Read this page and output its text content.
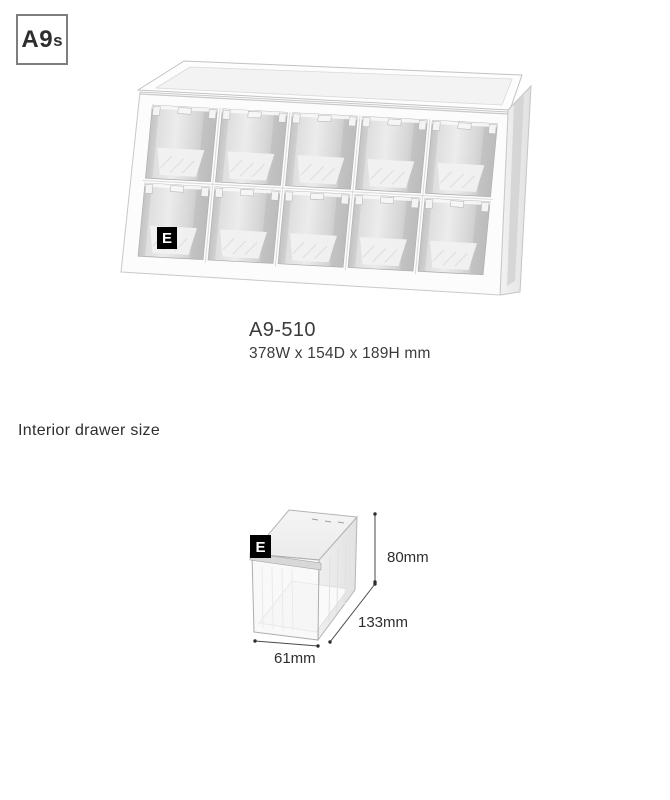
A9 s
E
A9-510
378W x 154D x 189H mm
Interior drawer size
E
80mm
133mm
61mm
